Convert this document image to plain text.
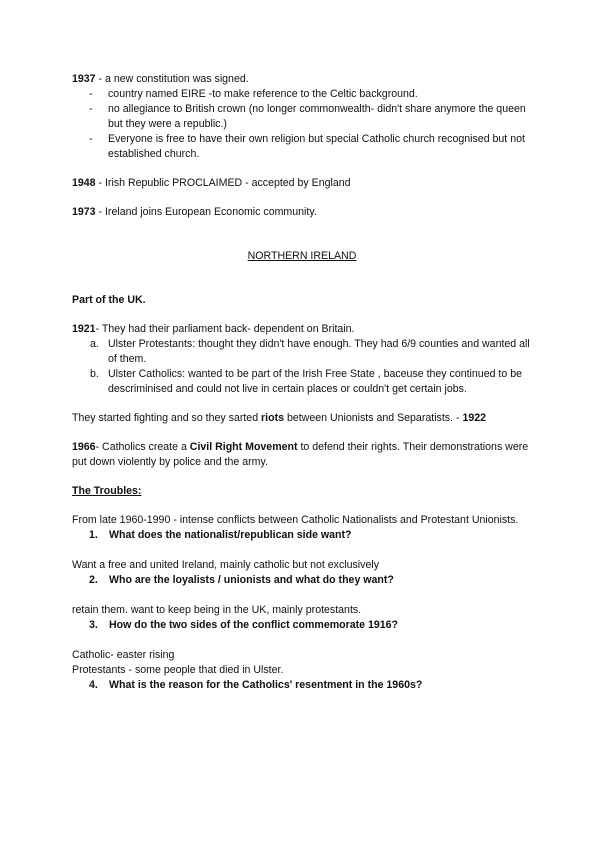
1937 - a new constitution was signed.

- country named EIRE -to make reference to the Celtic background.
- no allegiance to British crown (no longer commonwealth- didn't share anymore the queen but they were a republic.)
- Everyone is free to have their own religion but special Catholic church recognised but not established church.

1948 - Irish Republic PROCLAIMED - accepted by England

1973 - Ireland joins European Economic community.

NORTHERN IRELAND

Part of the UK.

1921- They had their parliament back- dependent on Britain.

a. Ulster Protestants: thought they didn't have enough. They had 6/9 counties and wanted all of them.
b. Ulster Catholics: wanted to be part of the Irish Free State , baceuse they continued to be descriminised and could not live in certain places or couldn't get certain jobs.

They started fighting and so they sarted riots between Unionists and Separatists. - 1922

1966- Catholics create a Civil Right Movement to defend their rights. Their demonstrations were put down violently by police and the army.

The Troubles:

From late 1960-1990 - intense conflicts between Catholic Nationalists and Protestant Unionists.

1. What does the nationalist/republican side want?

Want a free and united Ireland, mainly catholic but not exclusively

2. Who are the loyalists / unionists and what do they want?

retain them. want to keep being in the UK, mainly protestants.

3. How do the two sides of the conflict commemorate 1916?

Catholic- easter rising

Protestants - some people that died in Ulster.

4. What is the reason for the Catholics' resentment in the 1960s?
